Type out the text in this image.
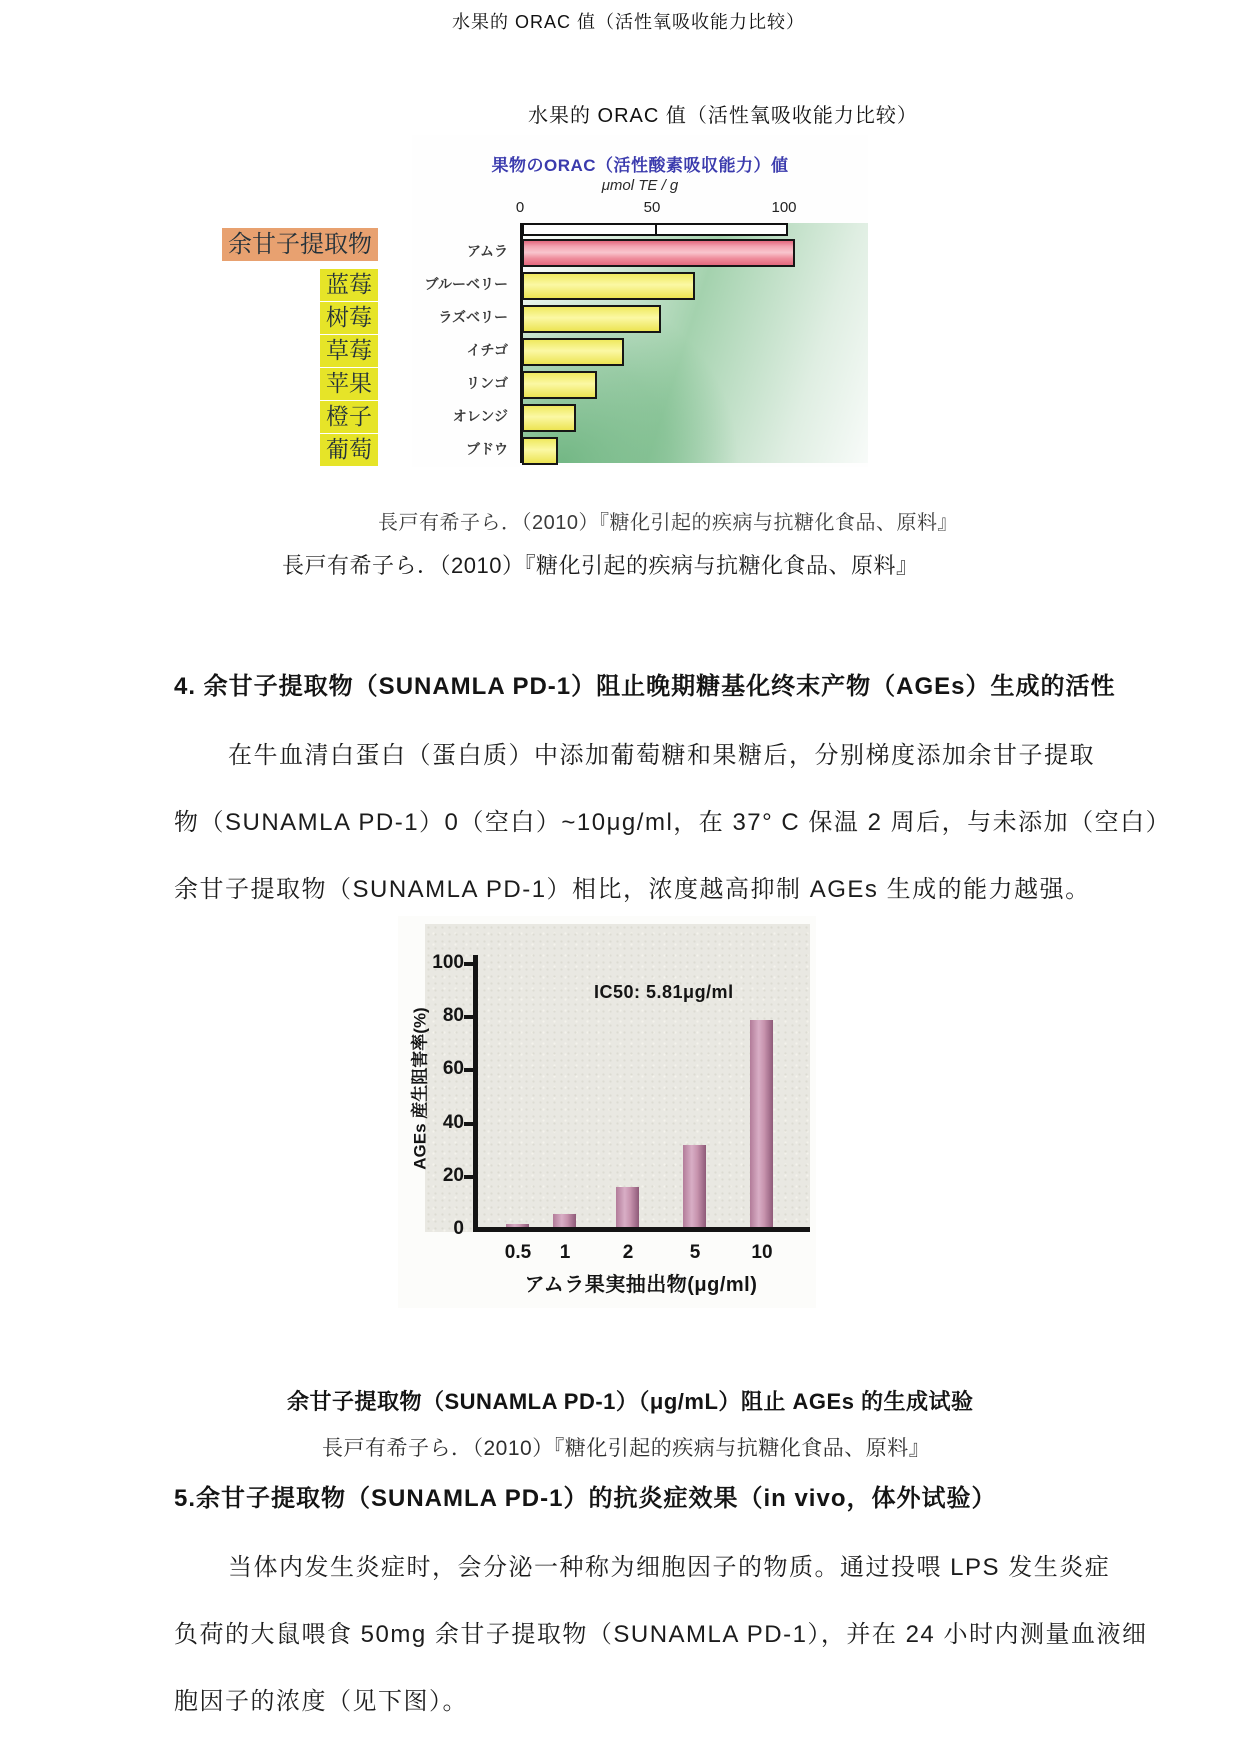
水果的 ORAC 值（活性氧吸收能力比较）
水果的 ORAC 值（活性氧吸收能力比较）
果物のORAC（活性酸素吸収能力）値
μmol TE / g
0	50	100
アムラ
ブルーベリー
ラズベリー
イチゴ
リンゴ
オレンジ
ブドウ
余甘子提取物
蓝莓
树莓
草莓
苹果
橙子
葡萄
長戸有希子ら．（2010）『糖化引起的疾病与抗糖化食品、原料』
長戸有希子ら．（2010）『糖化引起的疾病与抗糖化食品、原料』
4. 余甘子提取物（SUNAMLA PD-1）阻止晚期糖基化终末产物（AGEs）生成的活性
在牛血清白蛋白（蛋白质）中添加葡萄糖和果糖后，分别梯度添加余甘子提取
物（SUNAMLA PD-1）0（空白）~10μg/ml，在 37° C 保温 2 周后，与未添加（空白）
余甘子提取物（SUNAMLA PD-1）相比，浓度越高抑制 AGEs 生成的能力越强。
AGEs 産生阻害率(%)
0
20
40
60
80
100
0.5	1	2	5	10
IC50: 5.81μg/ml
アムラ果実抽出物(μg/ml)
余甘子提取物（SUNAMLA PD-1）（μg/mL）阻止 AGEs 的生成试验
長戸有希子ら．（2010）『糖化引起的疾病与抗糖化食品、原料』
5.余甘子提取物（SUNAMLA PD-1）的抗炎症效果（in vivo，体外试验）
当体内发生炎症时，会分泌一种称为细胞因子的物质。通过投喂 LPS 发生炎症
负荷的大鼠喂食 50mg 余甘子提取物（SUNAMLA PD-1），并在 24 小时内测量血液细
胞因子的浓度（见下图）。
